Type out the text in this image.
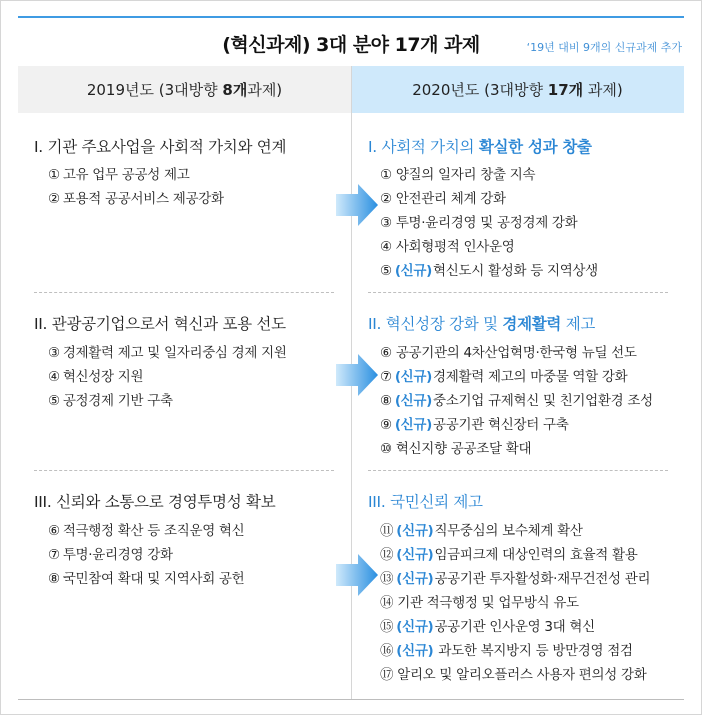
(혁신과제) 3대 분야 17개 과제	‘19년 대비 9개의 신규과제 추가
2019년도 (3대방향 8개 과제)	2020년도 (3대방향 17개 과제)
I. 기관 주요사업을 사회적 가치와 연계
① 고유 업무 공공성 제고
② 포용적 공공서비스 제공강화
II. 관광공기업으로서 혁신과 포용 선도
③ 경제활력 제고 및 일자리중심 경제 지원
④ 혁신성장 지원
⑤ 공정경제 기반 구축
III. 신뢰와 소통으로 경영투명성 확보
⑥ 적극행정 확산 등 조직운영 혁신
⑦ 투명·윤리경영 강화
⑧ 국민참여 확대 및 지역사회 공헌
I. 사회적 가치의 확실한 성과 창출
① 양질의 일자리 창출 지속
② 안전관리 체계 강화
③ 투명·윤리경영 및 공정경제 강화
④ 사회형평적 인사운영
⑤ (신규)혁신도시 활성화 등 지역상생
II. 혁신성장 강화 및 경제활력 제고
⑥ 공공기관의 4차산업혁명·한국형 뉴딜 선도
⑦ (신규)경제활력 제고의 마중물 역할 강화
⑧ (신규)중소기업 규제혁신 및 친기업환경 조성
⑨ (신규)공공기관 혁신장터 구축
⑩ 혁신지향 공공조달 확대
III. 국민신뢰 제고
⑪ (신규)직무중심의 보수체계 확산
⑫ (신규)임금피크제 대상인력의 효율적 활용
⑬ (신규)공공기관 투자활성화·재무건전성 관리
⑭ 기관 적극행정 및 업무방식 유도
⑮ (신규)공공기관 인사운영 3대 혁신
⑯ (신규) 과도한 복지방지 등 방만경영 점검
⑰ 알리오 및 알리오플러스 사용자 편의성 강화
